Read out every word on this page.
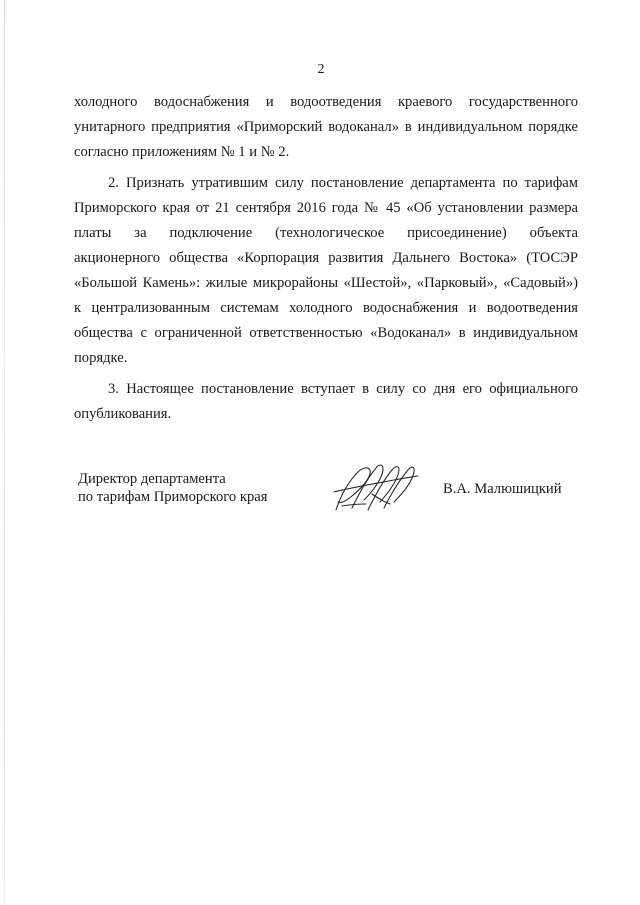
2
холодного водоснабжения и водоотведения краевого государственного
унитарного предприятия «Приморский водоканал» в индивидуальном порядке
согласно приложениям № 1 и № 2.
2. Признать утратившим силу постановление департамента по тарифам
Приморского края от 21 сентября 2016 года № 45 «Об установлении размера
платы за подключение (технологическое присоединение) объекта
акционерного общества «Корпорация развития Дальнего Востока» (ТОСЭР
«Большой Камень»: жилые микрорайоны «Шестой», «Парковый», «Садовый»)
к централизованным системам холодного водоснабжения и водоотведения
общества с ограниченной ответственностью «Водоканал» в индивидуальном
порядке.
3. Настоящее постановление вступает в силу со дня его официального
опубликования.
Директор департамента
по тарифам Приморского края	В.А. Малюшицкий
